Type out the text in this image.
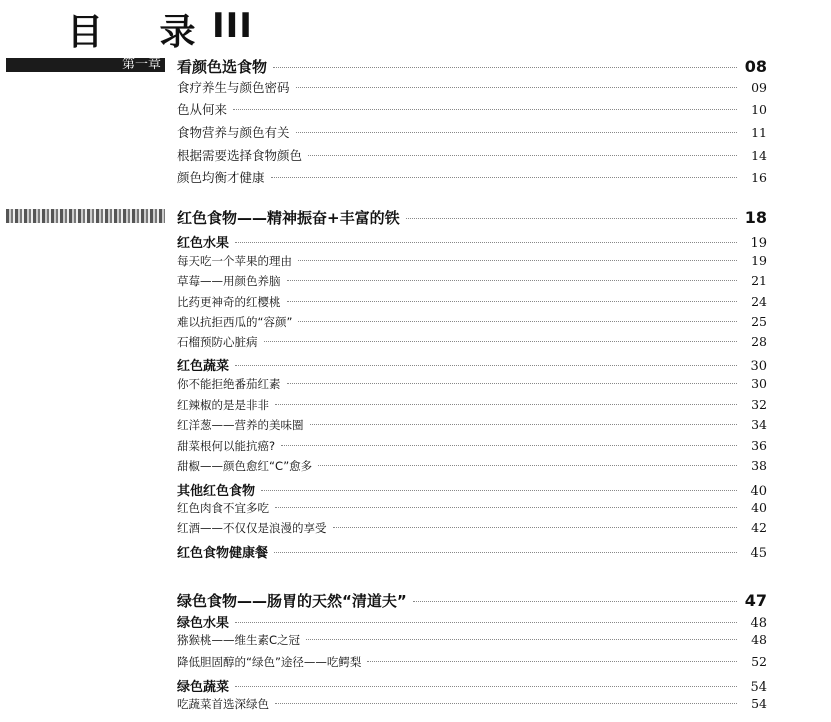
目 录
III
第一章 看颜色选食物	08
食疗养生与颜色密码	09
色从何来	10
食物营养与颜色有关	11
根据需要选择食物颜色	14
颜色均衡才健康	16
红色食物——精神振奋+丰富的铁	18
红色水果	19
每天吃一个苹果的理由	19
草莓——用颜色养脑	21
比药更神奇的红樱桃	24
难以抗拒西瓜的“容颜”	25
石榴预防心脏病	28
红色蔬菜	30
你不能拒绝番茄红素	30
红辣椒的是是非非	32
红洋葱——营养的美味圈	34
甜菜根何以能抗癌?	36
甜椒——颜色愈红“C”愈多	38
其他红色食物	40
红色肉食不宜多吃	40
红酒——不仅仅是浪漫的享受	42
红色食物健康餐	45
绿色食物——肠胃的天然“清道夫”	47
绿色水果	48
猕猴桃——维生素C之冠	48
降低胆固醇的“绿色”途径——吃鳄梨	52
绿色蔬菜	54
吃蔬菜首选深绿色	54
